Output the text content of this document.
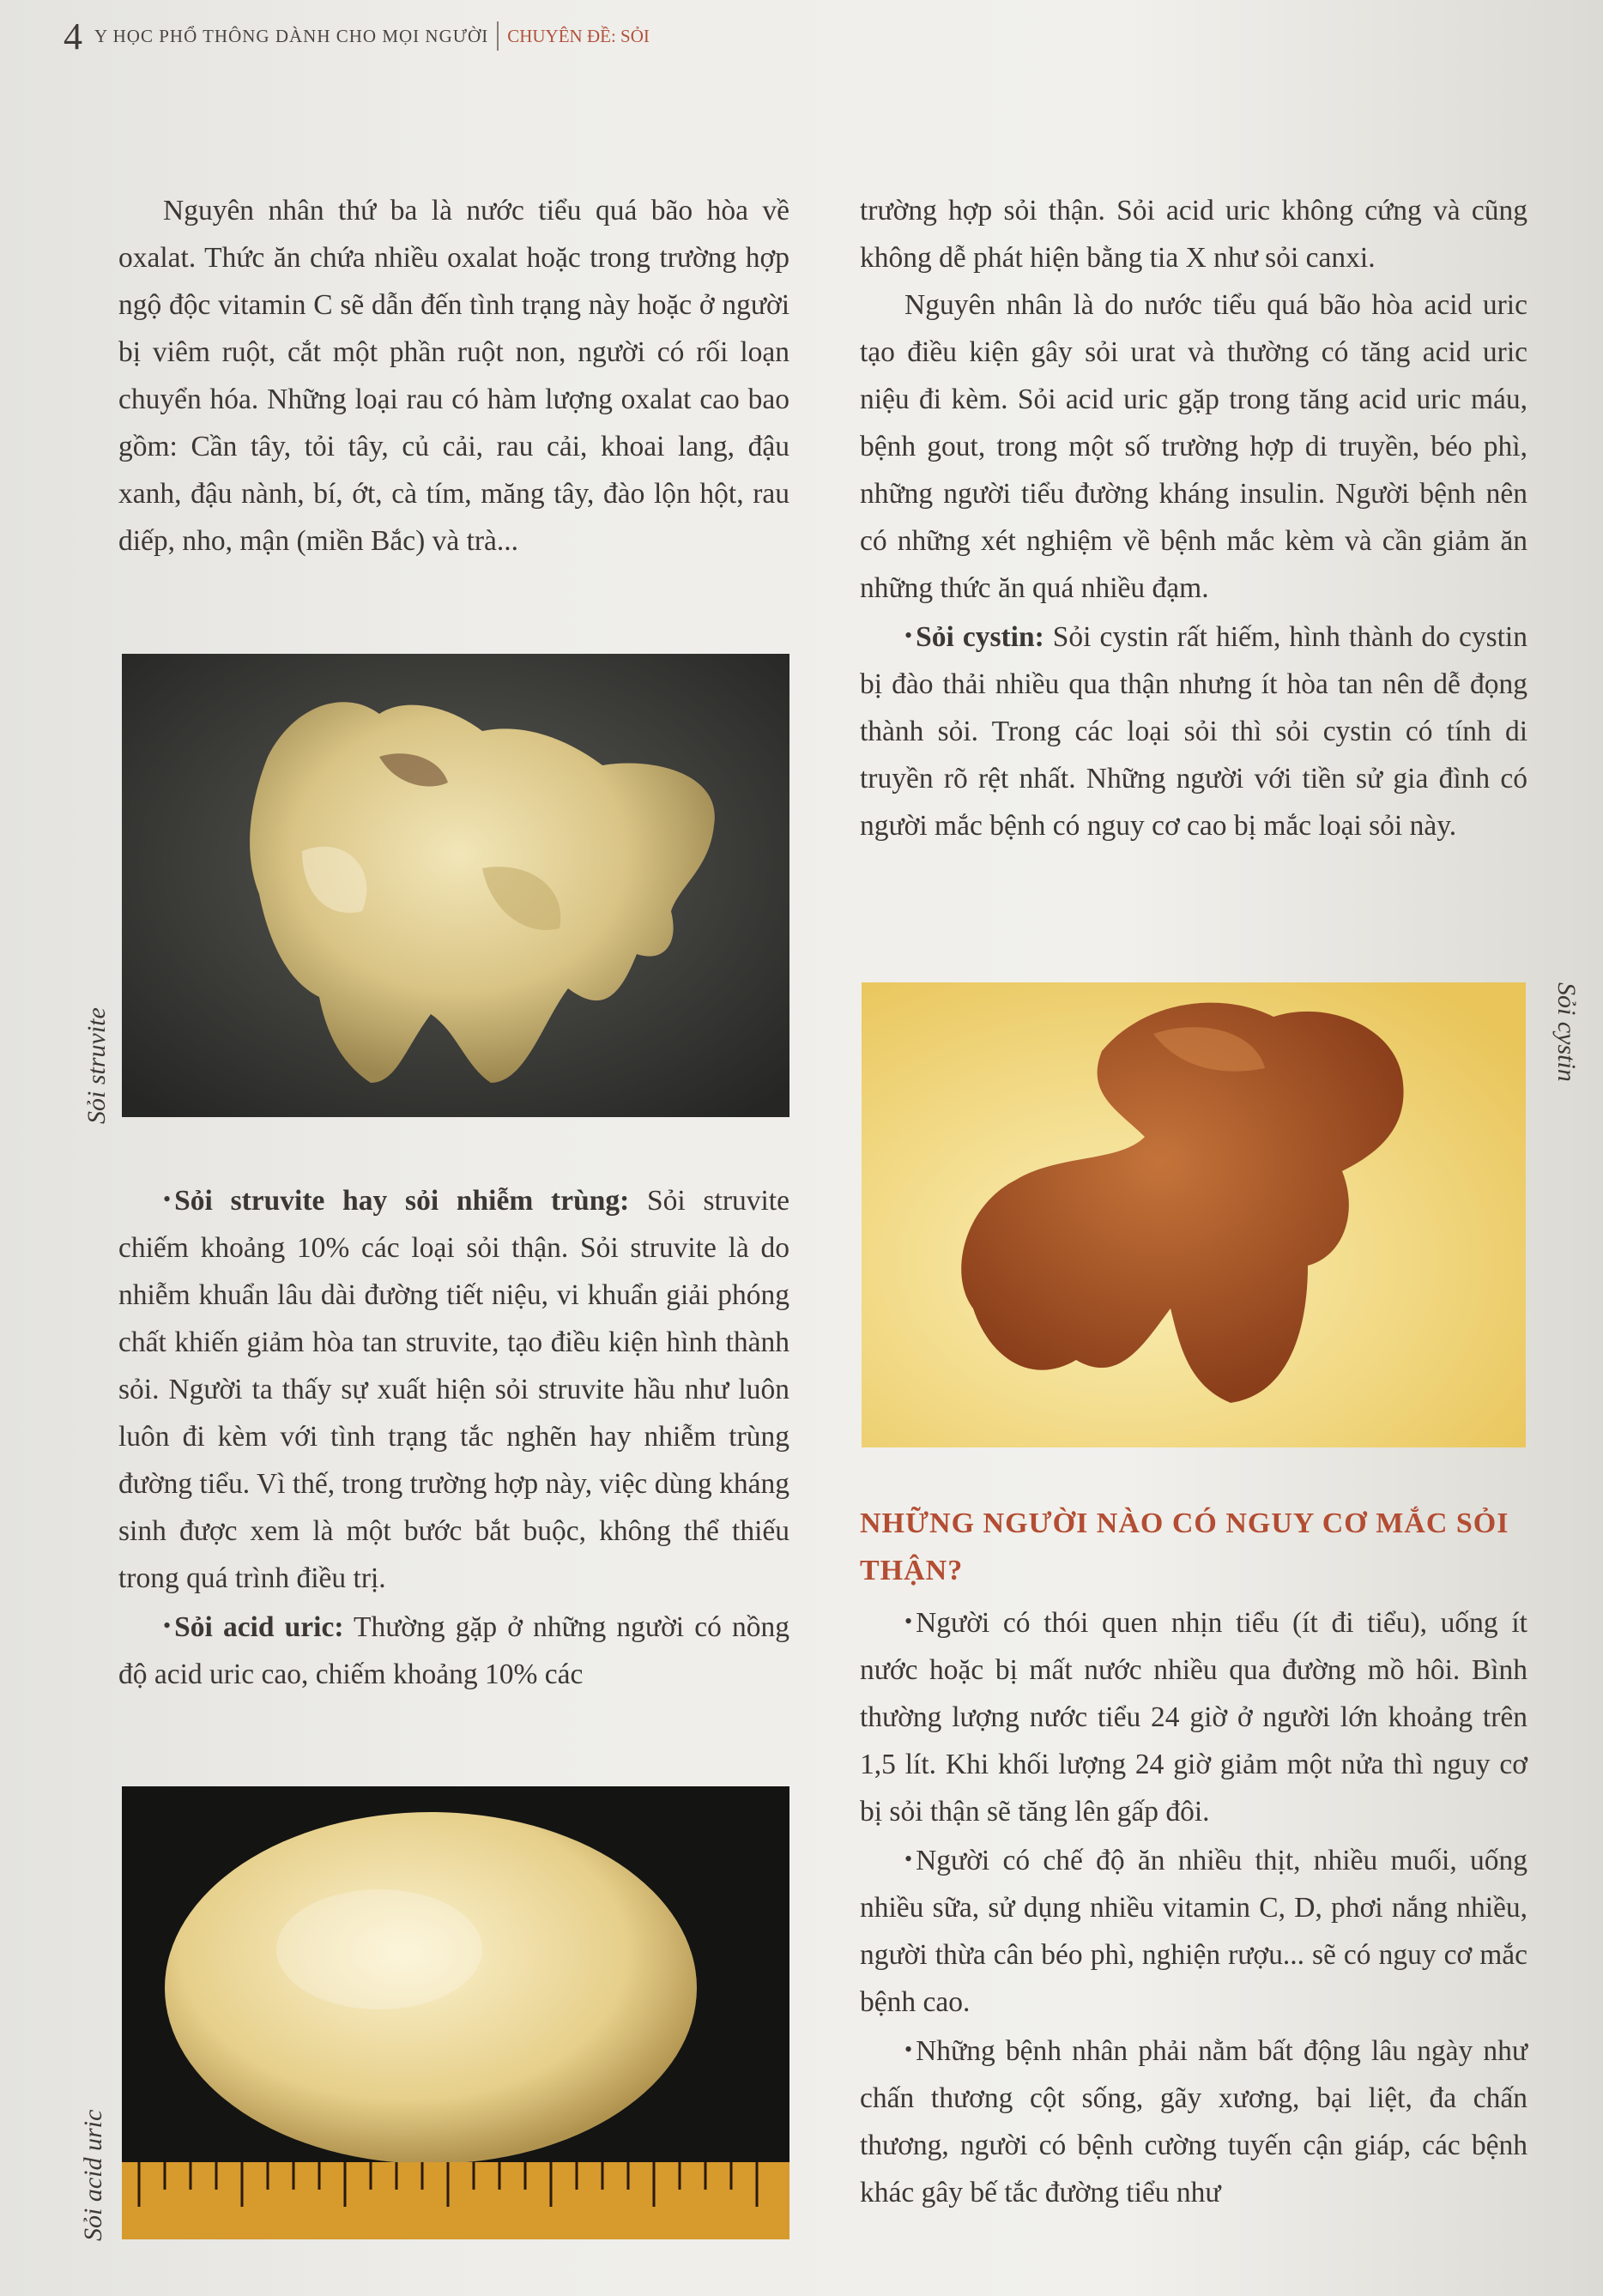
4 Y HỌC PHỔ THÔNG DÀNH CHO MỌI NGƯỜI CHUYÊN ĐỀ: SỎI

Nguyên nhân thứ ba là nước tiểu quá bão hòa về oxalat. Thức ăn chứa nhiều oxalat hoặc trong trường hợp ngộ độc vitamin C sẽ dẫn đến tình trạng này hoặc ở người bị viêm ruột, cắt một phần ruột non, người có rối loạn chuyển hóa. Những loại rau có hàm lượng oxalat cao bao gồm: Cần tây, tỏi tây, củ cải, rau cải, khoai lang, đậu xanh, đậu nành, bí, ớt, cà tím, măng tây, đào lộn hột, rau diếp, nho, mận (miền Bắc) và trà...

Sỏi struvite

• Sỏi struvite hay sỏi nhiễm trùng: Sỏi struvite chiếm khoảng 10% các loại sỏi thận. Sỏi struvite là do nhiễm khuẩn lâu dài đường tiết niệu, vi khuẩn giải phóng chất khiến giảm hòa tan struvite, tạo điều kiện hình thành sỏi. Người ta thấy sự xuất hiện sỏi struvite hầu như luôn luôn đi kèm với tình trạng tắc nghẽn hay nhiễm trùng đường tiểu. Vì thế, trong trường hợp này, việc dùng kháng sinh được xem là một bước bắt buộc, không thể thiếu trong quá trình điều trị.

• Sỏi acid uric: Thường gặp ở những người có nồng độ acid uric cao, chiếm khoảng 10% các

Sỏi acid uric

trường hợp sỏi thận. Sỏi acid uric không cứng và cũng không dễ phát hiện bằng tia X như sỏi canxi.

Nguyên nhân là do nước tiểu quá bão hòa acid uric tạo điều kiện gây sỏi urat và thường có tăng acid uric niệu đi kèm. Sỏi acid uric gặp trong tăng acid uric máu, bệnh gout, trong một số trường hợp di truyền, béo phì, những người tiểu đường kháng insulin. Người bệnh nên có những xét nghiệm về bệnh mắc kèm và cần giảm ăn những thức ăn quá nhiều đạm.

• Sỏi cystin: Sỏi cystin rất hiếm, hình thành do cystin bị đào thải nhiều qua thận nhưng ít hòa tan nên dễ đọng thành sỏi. Trong các loại sỏi thì sỏi cystin có tính di truyền rõ rệt nhất. Những người với tiền sử gia đình có người mắc bệnh có nguy cơ cao bị mắc loại sỏi này.

Sỏi cystin
NHỮNG NGƯỜI NÀO CÓ NGUY CƠ MẮC SỎI THẬN?

• Người có thói quen nhịn tiểu (ít đi tiểu), uống ít nước hoặc bị mất nước nhiều qua đường mồ hôi. Bình thường lượng nước tiểu 24 giờ ở người lớn khoảng trên 1,5 lít. Khi khối lượng 24 giờ giảm một nửa thì nguy cơ bị sỏi thận sẽ tăng lên gấp đôi.

• Người có chế độ ăn nhiều thịt, nhiều muối, uống nhiều sữa, sử dụng nhiều vitamin C, D, phơi nắng nhiều, người thừa cân béo phì, nghiện rượu... sẽ có nguy cơ mắc bệnh cao.

• Những bệnh nhân phải nằm bất động lâu ngày như chấn thương cột sống, gãy xương, bại liệt, đa chấn thương, người có bệnh cường tuyến cận giáp, các bệnh khác gây bế tắc đường tiểu như
